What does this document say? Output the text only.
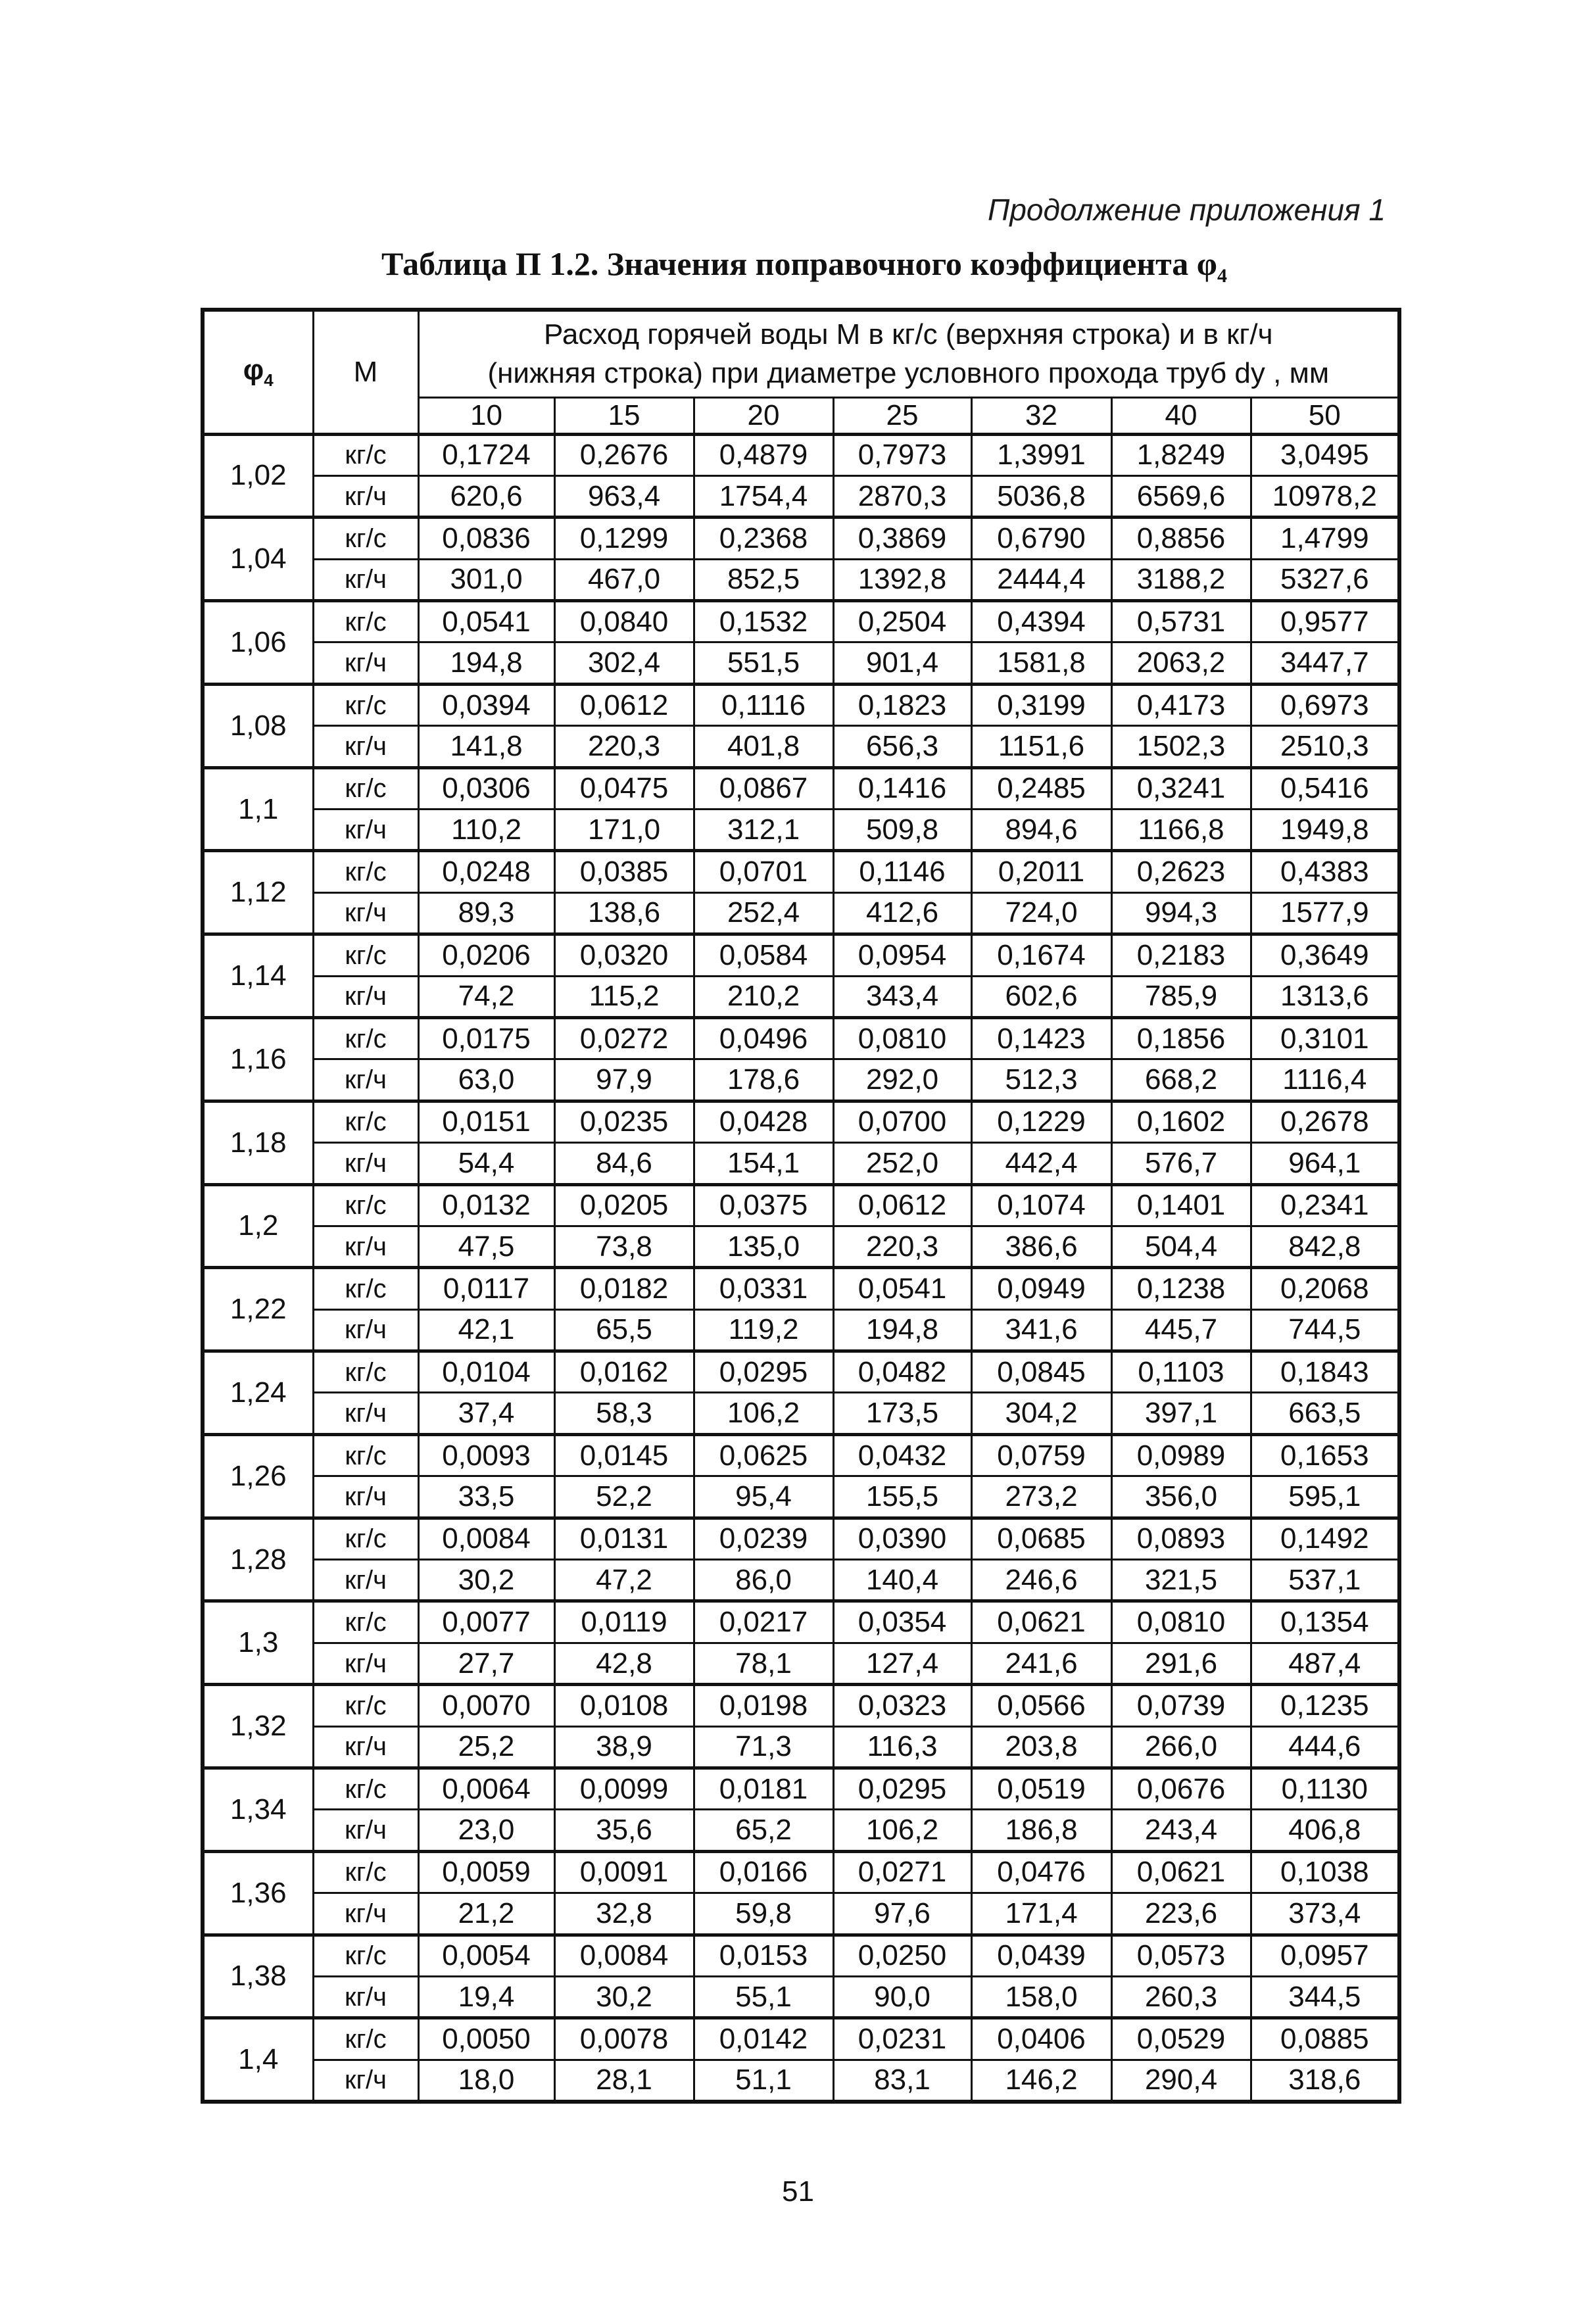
Продолжение приложения 1
Таблица П 1.2. Значения поправочного коэффициента $\varphi_4$
$\varphi_4$	М	Расход горячей воды М в кг/с (верхняя строка) и в кг/ч
(нижняя строка) при диаметре условного прохода труб dу , мм						

		10	15	20	25	32	40	50
1,02	кг/с	0,1724	0,2676	0,4879	0,7973	1,3991	1,8249	3,0495
	кг/ч	620,6	963,4	1754,4	2870,3	5036,8	6569,6	10978,2
1,04	кг/с	0,0836	0,1299	0,2368	0,3869	0,6790	0,8856	1,4799
	кг/ч	301,0	467,0	852,5	1392,8	2444,4	3188,2	5327,6
1,06	кг/с	0,0541	0,0840	0,1532	0,2504	0,4394	0,5731	0,9577
	кг/ч	194,8	302,4	551,5	901,4	1581,8	2063,2	3447,7
1,08	кг/с	0,0394	0,0612	0,1116	0,1823	0,3199	0,4173	0,6973
	кг/ч	141,8	220,3	401,8	656,3	1151,6	1502,3	2510,3
1,1	кг/с	0,0306	0,0475	0,0867	0,1416	0,2485	0,3241	0,5416
	кг/ч	110,2	171,0	312,1	509,8	894,6	1166,8	1949,8
1,12	кг/с	0,0248	0,0385	0,0701	0,1146	0,2011	0,2623	0,4383
	кг/ч	89,3	138,6	252,4	412,6	724,0	994,3	1577,9
1,14	кг/с	0,0206	0,0320	0,0584	0,0954	0,1674	0,2183	0,3649
	кг/ч	74,2	115,2	210,2	343,4	602,6	785,9	1313,6
1,16	кг/с	0,0175	0,0272	0,0496	0,0810	0,1423	0,1856	0,3101
	кг/ч	63,0	97,9	178,6	292,0	512,3	668,2	1116,4
1,18	кг/с	0,0151	0,0235	0,0428	0,0700	0,1229	0,1602	0,2678
	кг/ч	54,4	84,6	154,1	252,0	442,4	576,7	964,1
1,2	кг/с	0,0132	0,0205	0,0375	0,0612	0,1074	0,1401	0,2341
	кг/ч	47,5	73,8	135,0	220,3	386,6	504,4	842,8
1,22	кг/с	0,0117	0,0182	0,0331	0,0541	0,0949	0,1238	0,2068
	кг/ч	42,1	65,5	119,2	194,8	341,6	445,7	744,5
1,24	кг/с	0,0104	0,0162	0,0295	0,0482	0,0845	0,1103	0,1843
	кг/ч	37,4	58,3	106,2	173,5	304,2	397,1	663,5
1,26	кг/с	0,0093	0,0145	0,0625	0,0432	0,0759	0,0989	0,1653
	кг/ч	33,5	52,2	95,4	155,5	273,2	356,0	595,1
1,28	кг/с	0,0084	0,0131	0,0239	0,0390	0,0685	0,0893	0,1492
	кг/ч	30,2	47,2	86,0	140,4	246,6	321,5	537,1
1,3	кг/с	0,0077	0,0119	0,0217	0,0354	0,0621	0,0810	0,1354
	кг/ч	27,7	42,8	78,1	127,4	241,6	291,6	487,4
1,32	кг/с	0,0070	0,0108	0,0198	0,0323	0,0566	0,0739	0,1235
	кг/ч	25,2	38,9	71,3	116,3	203,8	266,0	444,6
1,34	кг/с	0,0064	0,0099	0,0181	0,0295	0,0519	0,0676	0,1130
	кг/ч	23,0	35,6	65,2	106,2	186,8	243,4	406,8
1,36	кг/с	0,0059	0,0091	0,0166	0,0271	0,0476	0,0621	0,1038
	кг/ч	21,2	32,8	59,8	97,6	171,4	223,6	373,4
1,38	кг/с	0,0054	0,0084	0,0153	0,0250	0,0439	0,0573	0,0957
	кг/ч	19,4	30,2	55,1	90,0	158,0	260,3	344,5
1,4	кг/с	0,0050	0,0078	0,0142	0,0231	0,0406	0,0529	0,0885
	кг/ч	18,0	28,1	51,1	83,1	146,2	290,4	318,6
51
